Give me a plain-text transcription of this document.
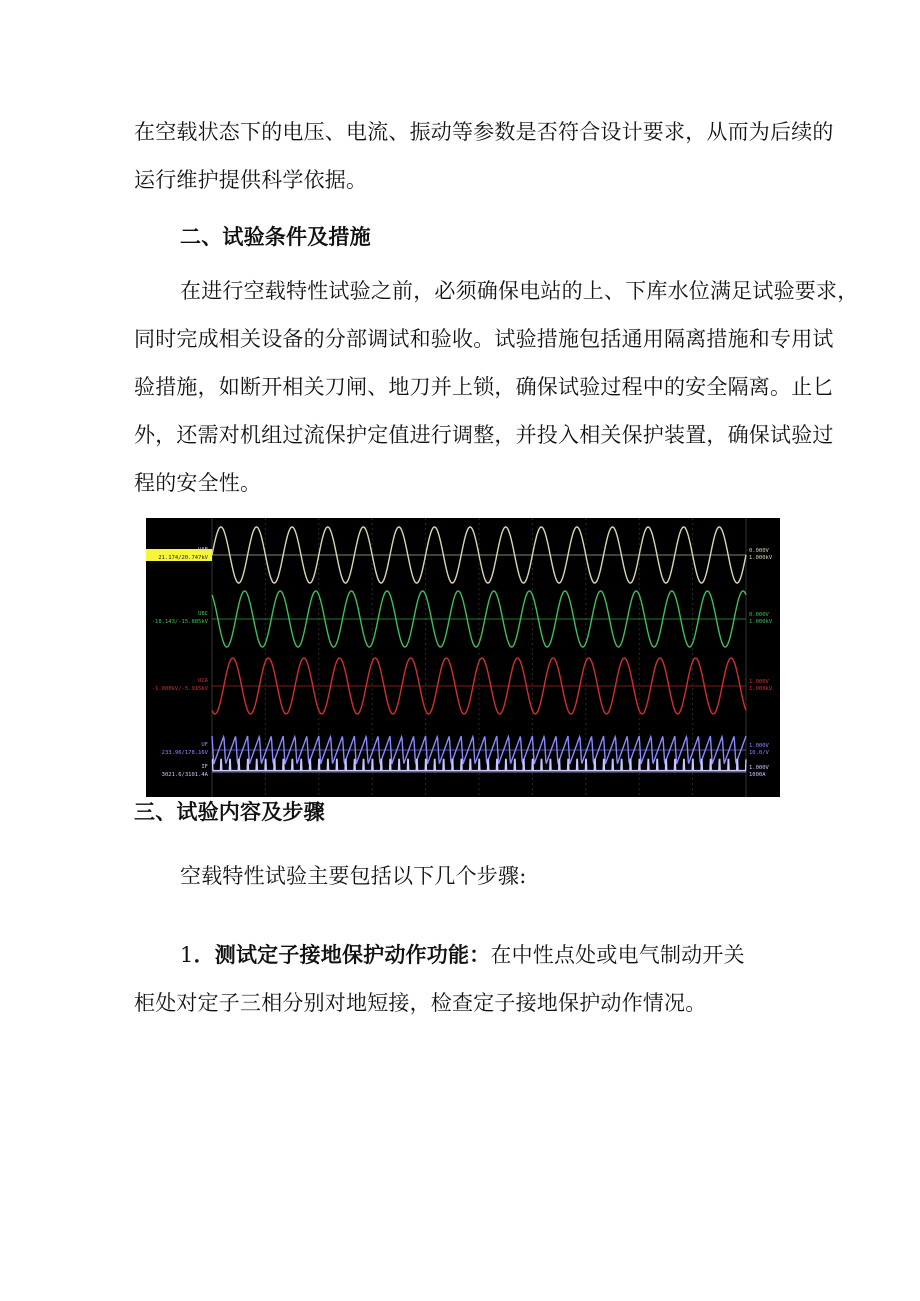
在空载状态下的电压、电流、振动等参数是否符合设计要求，从而为后续的
运行维护提供科学依据。
二、试验条件及措施
在进行空载特性试验之前，必须确保电站的上、下库水位满足试验要求，
同时完成相关设备的分部调试和验收。试验措施包括通用隔离措施和专用试
验措施，如断开相关刀闸、地刀并上锁，确保试验过程中的安全隔离。止匕
外，还需对机组过流保护定值进行调整，并投入相关保护装置，确保试验过
程的安全性。
UAB
21.174/20.747kV
0.000V
1.000kV
UBC
-18.143/-15.885kV
0.000V
1.000kV
UCA
-1.000kV/-5.915kV
1.000V
1.000kV
UF
233.96/178.16V
1.000V
10.0/V
IF
3021.6/3101.4A
1.000V
1000A
三、试验内容及步骤
空载特性试验主要包括以下几个步骤:
1．测试定子接地保护动作功能：在中性点处或电气制动开关
柜处对定子三相分别对地短接，检查定子接地保护动作情况。
